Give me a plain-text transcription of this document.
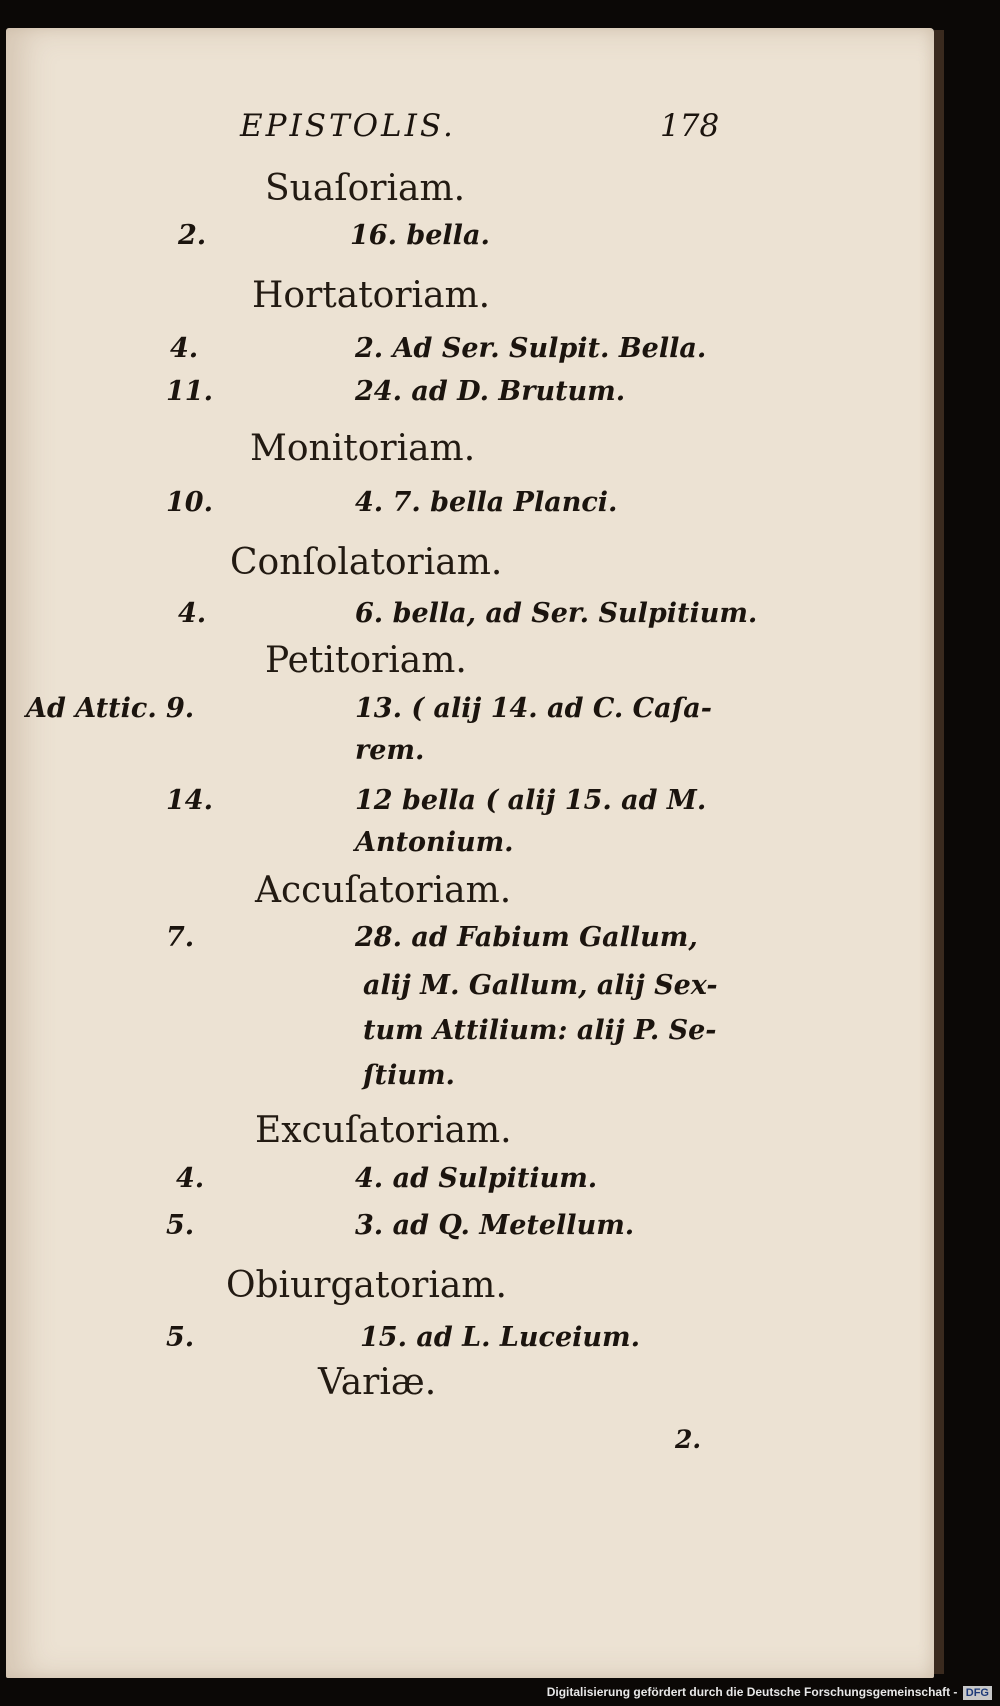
EPISTOLIS.	178
Suaſoriam.
2.	16. bella.
Hortatoriam.
4.	2. Ad Ser. Sulpit. Bella.
11.	24. ad D. Brutum.
Monitoriam.
10.	4. 7. bella Planci.
Conſolatoriam.
4.	6. bella, ad Ser. Sulpitium.
Petitoriam.
Ad Attic. 9.	13. ( alij 14. ad C. Caſa-
rem.
14.	12 bella ( alij 15. ad M.
Antonium.
Accuſatoriam.
7.	28. ad Fabium Gallum,
alij M. Gallum, alij Sex-
tum Attilium: alij P. Se-
ſtium.
Excuſatoriam.
4.	4. ad Sulpitium.
5.	3. ad Q. Metellum.
Obiurgatoriam.
5.	15. ad L. Luceium.
Variæ.
2.
Digitalisierung gefördert durch die Deutsche Forschungsgemeinschaft - DFG
